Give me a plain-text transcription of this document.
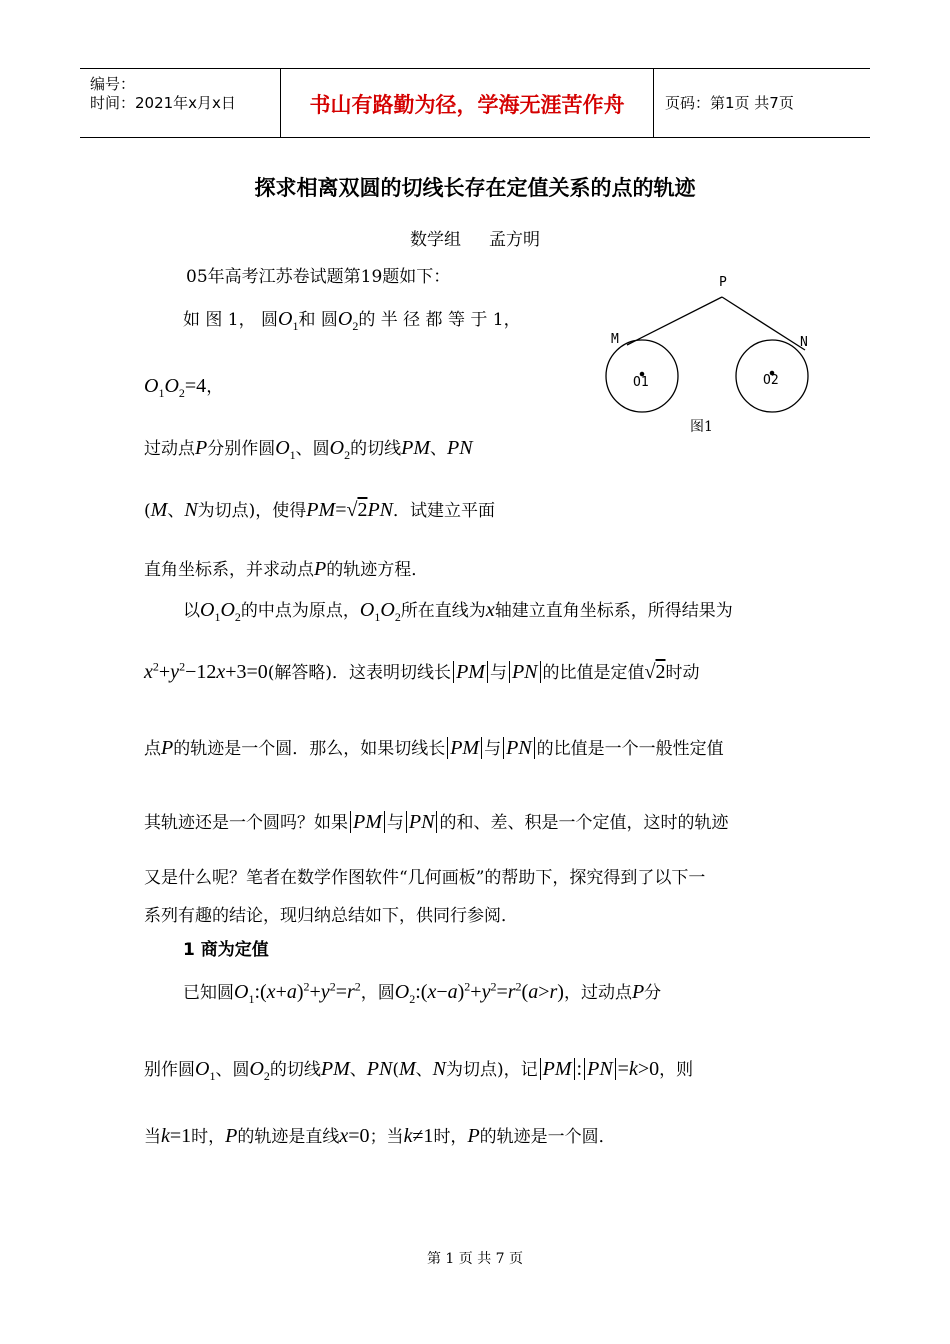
编号：
时间：2021年x月x日	书山有路勤为径，学海无涯苦作舟	页码：第1页 共7页
探求相离双圆的切线长存在定值关系的点的轨迹
数学组 孟方明
P
M	N
O1	O2
图1
05年高考江苏卷试题第19题如下：
如 图 1， 圆$O_1$和 圆$O_2$的 半 径 都 等 于 1，
$O_1O_2=4$，
过动点P分别作圆$O_1$、圆$O_2$的切线PM、PN
(M、N为切点)，使得PM=√2PN．试建立平面
直角坐标系，并求动点P的轨迹方程．
以$O_1O_2$的中点为原点，$O_1O_2$所在直线为x轴建立直角坐标系，所得结果为
$x^2+y^2-12x+3=0$(解答略)．这表明切线长 PM 与 PN 的比值是定值√2时动
点P的轨迹是一个圆．那么，如果切线长 PM 与 PN 的比值是一个一般性定值
其轨迹还是一个圆吗？如果 PM 与 PN 的和、差、积是一个定值，这时的轨迹
又是什么呢？笔者在数学作图软件“几何画板”的帮助下，探究得到了以下一
系列有趣的结论，现归纳总结如下，供同行参阅．
1 商为定值
已知圆$O_1:(x+a)^2+y^2=r^2$，圆$O_2:(x-a)^2+y^2=r^2(a>r)$，过动点P分
别作圆$O_1$、圆$O_2$的切线PM、PN(M、N为切点)，记 PM : PN =k>0，则
当k=1时，P的轨迹是直线x=0；当k≠1时，P的轨迹是一个圆．
第 1 页 共 7 页
